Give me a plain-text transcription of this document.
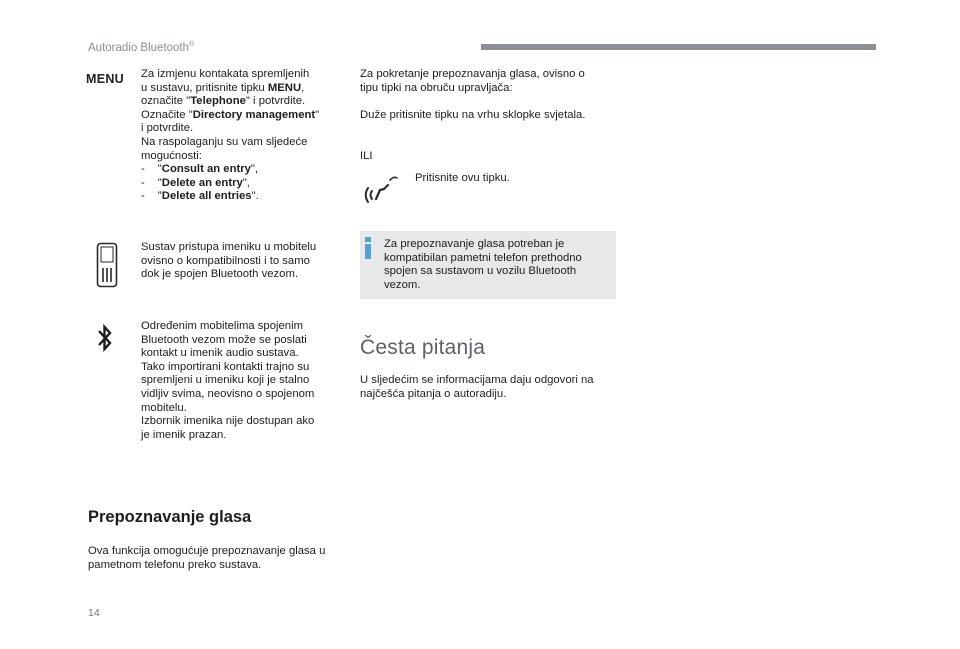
Autoradio Bluetooth®
MENU Za izmjenu kontakata spremljenih

u sustavu, pritisnite tipku MENU,

označite "Telephone" i potvrdite.

Označite "Directory management"

i potvrdite.

Na raspolaganju su vam sljedeće

mogućnosti:

- "Consult an entry",

- "Delete an entry",

- "Delete all entries".

Sustav pristupa imeniku u mobitelu

ovisno o kompatibilnosti i to samo

dok je spojen Bluetooth vezom.

Određenim mobitelima spojenim

Bluetooth vezom može se poslati

kontakt u imenik audio sustava.

Tako importirani kontakti trajno su

spremljeni u imeniku koji je stalno

vidljiv svima, neovisno o spojenom

mobitelu.

Izbornik imenika nije dostupan ako

je imenik prazan.

Prepoznavanje glasa

Ova funkcija omogućuje prepoznavanje glasa u

pametnom telefonu preko sustava.

Za pokretanje prepoznavanja glasa, ovisno o

tipu tipki na obruču upravljača:

Duže pritisnite tipku na vrhu sklopke svjetala.

ILI

Pritisnite ovu tipku.

Za prepoznavanje glasa potreban je

kompatibilan pametni telefon prethodno

spojen sa sustavom u vozilu Bluetooth

vezom.

Česta pitanja

U sljedećim se informacijama daju odgovori na

najčešća pitanja o autoradiju.

14
